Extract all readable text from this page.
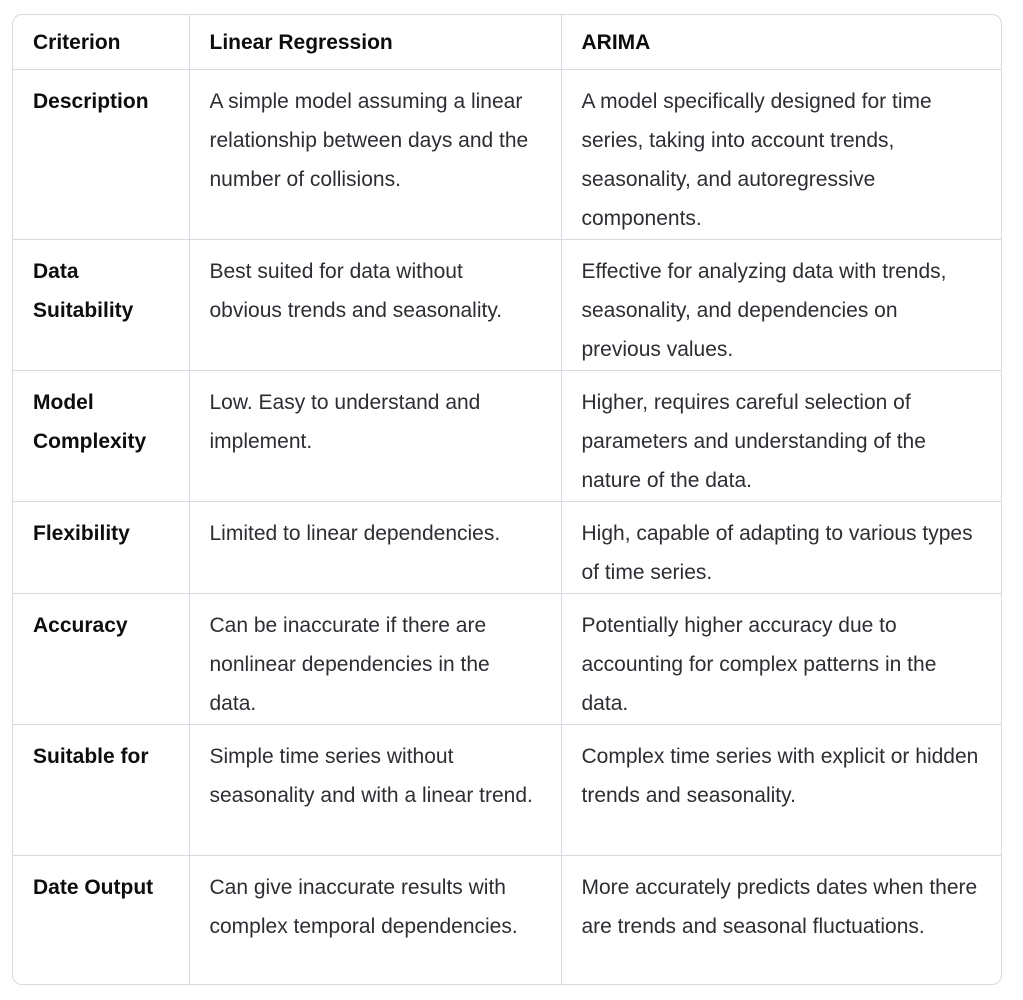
Criterion	Linear Regression	ARIMA
Description	A simple model assuming a linear relationship between days and the number of collisions.	A model specifically designed for time series, taking into account trends, seasonality, and autoregressive components.
Data Suitability	Best suited for data without obvious trends and seasonality.	Effective for analyzing data with trends, seasonality, and dependencies on previous values.
Model Complexity	Low. Easy to understand and implement.	Higher, requires careful selection of parameters and understanding of the nature of the data.
Flexibility	Limited to linear dependencies.	High, capable of adapting to various types of time series.
Accuracy	Can be inaccurate if there are nonlinear dependencies in the data.	Potentially higher accuracy due to accounting for complex patterns in the data.
Suitable for	Simple time series without seasonality and with a linear trend.	Complex time series with explicit or hidden trends and seasonality.
Date Output	Can give inaccurate results with complex temporal dependencies.	More accurately predicts dates when there are trends and seasonal fluctuations.
